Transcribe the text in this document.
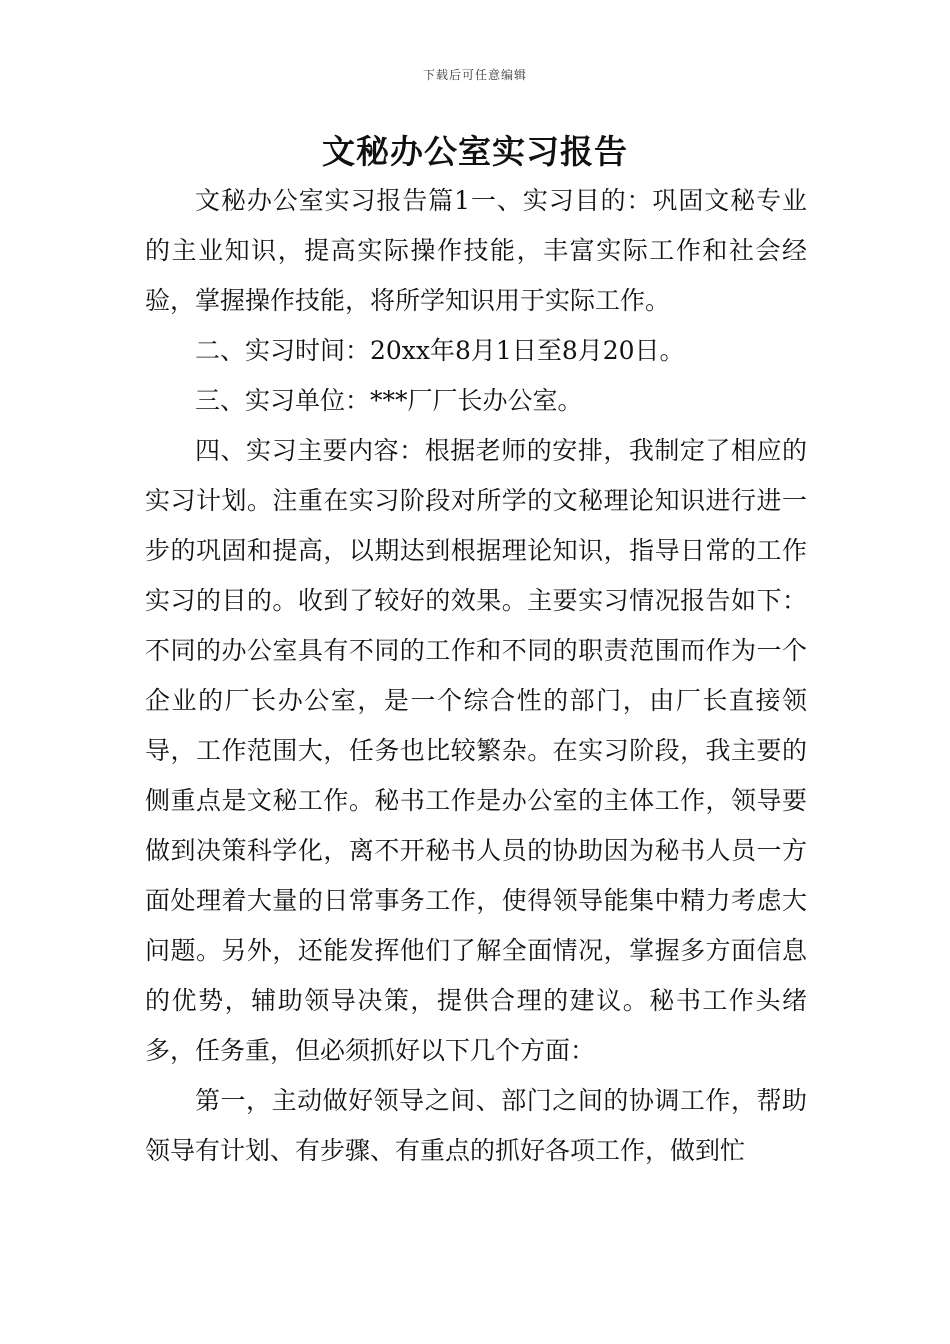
下载后可任意编辑
文秘办公室实习报告

文秘办公室实习报告篇1一、实习目的：巩固文秘专业的主业知识，提高实际操作技能，丰富实际工作和社会经验，掌握操作技能，将所学知识用于实际工作。

二、实习时间：20xx年8月1日至8月20日。

三、实习单位：***厂厂长办公室。

四、实习主要内容：根据老师的安排，我制定了相应的实习计划。注重在实习阶段对所学的文秘理论知识进行进一步的巩固和提高，以期达到根据理论知识，指导日常的工作实习的目的。收到了较好的效果。主要实习情况报告如下：不同的办公室具有不同的工作和不同的职责范围而作为一个企业的厂长办公室，是一个综合性的部门，由厂长直接领导，工作范围大，任务也比较繁杂。在实习阶段，我主要的侧重点是文秘工作。秘书工作是办公室的主体工作，领导要做到决策科学化，离不开秘书人员的协助因为秘书人员一方面处理着大量的日常事务工作，使得领导能集中精力考虑大问题。另外，还能发挥他们了解全面情况，掌握多方面信息的优势，辅助领导决策，提供合理的建议。秘书工作头绪多，任务重，但必须抓好以下几个方面：

第一，主动做好领导之间、部门之间的协调工作，帮助领导有计划、有步骤、有重点的抓好各项工作，做到忙
